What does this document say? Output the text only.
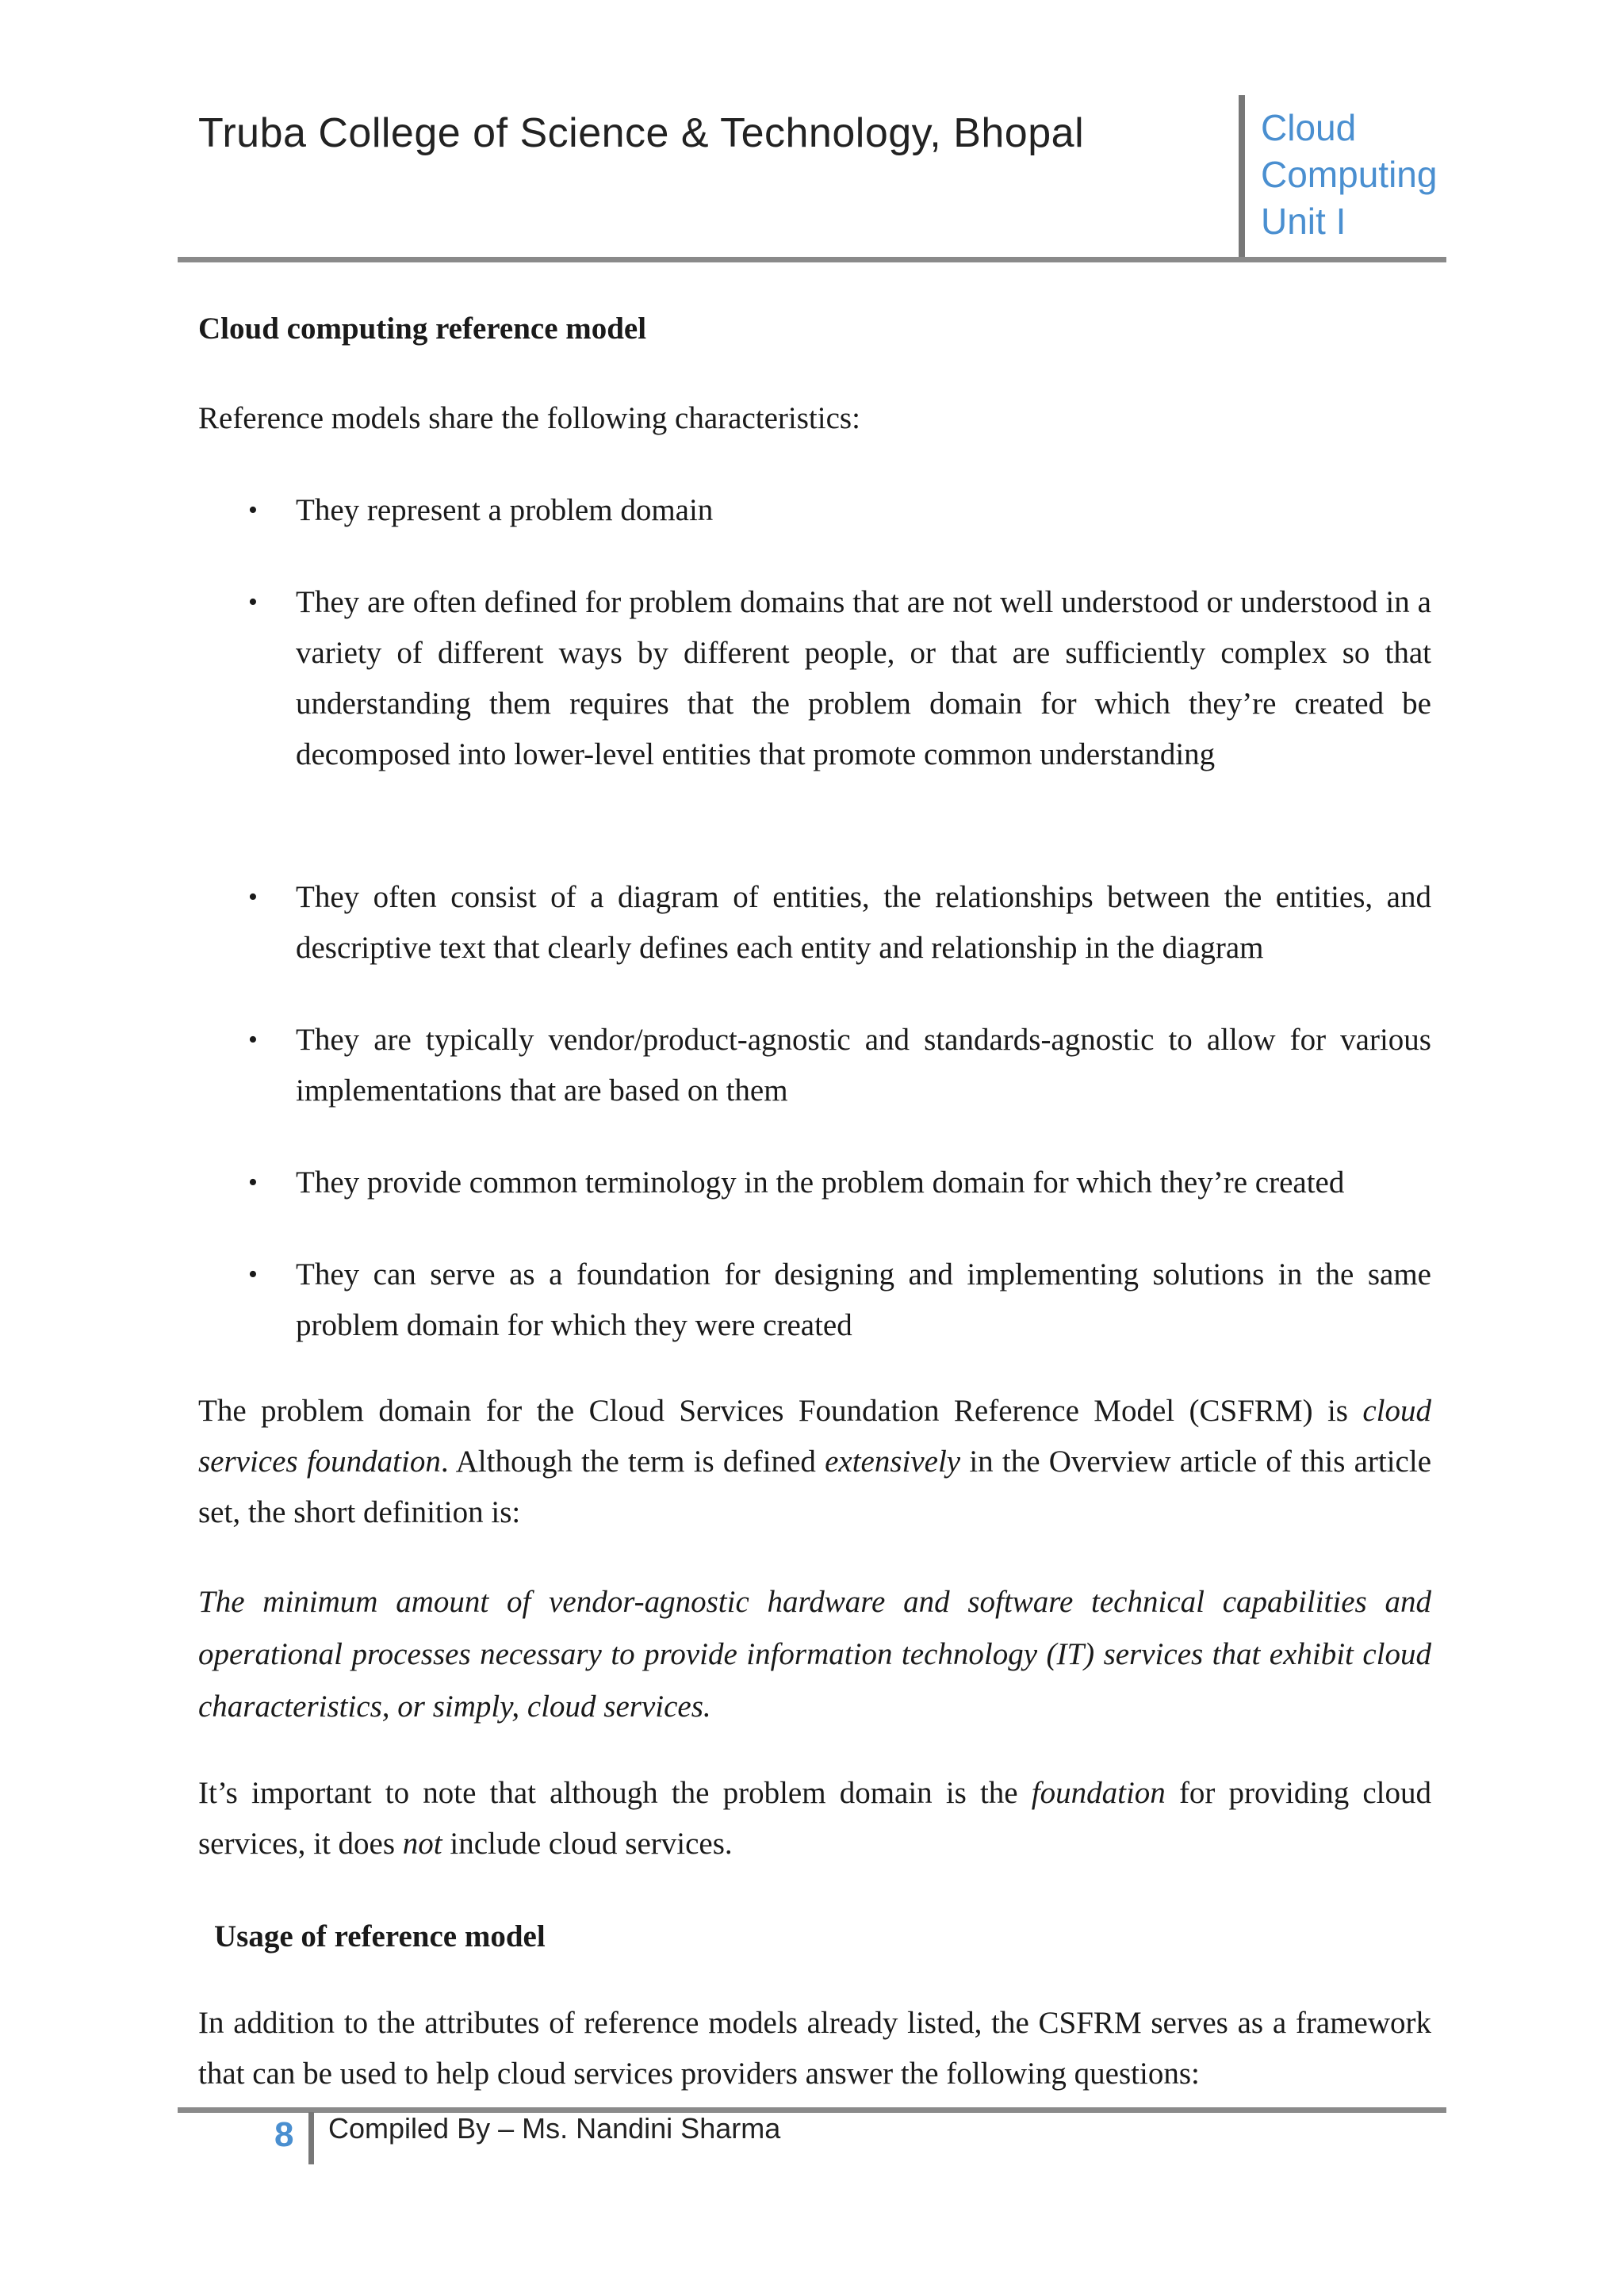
Truba College of Science & Technology, Bhopal	Cloud
Computing
Unit I
Cloud computing reference model
Reference models share the following characteristics:
• They represent a problem domain
• They are often defined for problem domains that are not well understood or understood in a variety of different ways by different people, or that are sufficiently complex so that understanding them requires that the problem domain for which they’re created be decomposed into lower-level entities that promote common understanding
• They often consist of a diagram of entities, the relationships between the entities, and descriptive text that clearly defines each entity and relationship in the diagram
• They are typically vendor/product-agnostic and standards-agnostic to allow for various implementations that are based on them
• They provide common terminology in the problem domain for which they’re created
• They can serve as a foundation for designing and implementing solutions in the same problem domain for which they were created
The problem domain for the Cloud Services Foundation Reference Model (CSFRM) is cloud services foundation. Although the term is defined extensively in the Overview article of this article set, the short definition is:
The minimum amount of vendor-agnostic hardware and software technical capabilities and operational processes necessary to provide information technology (IT) services that exhibit cloud characteristics, or simply, cloud services.
It’s important to note that although the problem domain is the foundation for providing cloud services, it does not include cloud services.
Usage of reference model
In addition to the attributes of reference models already listed, the CSFRM serves as a framework that can be used to help cloud services providers answer the following questions:
8 Compiled By – Ms. Nandini Sharma
